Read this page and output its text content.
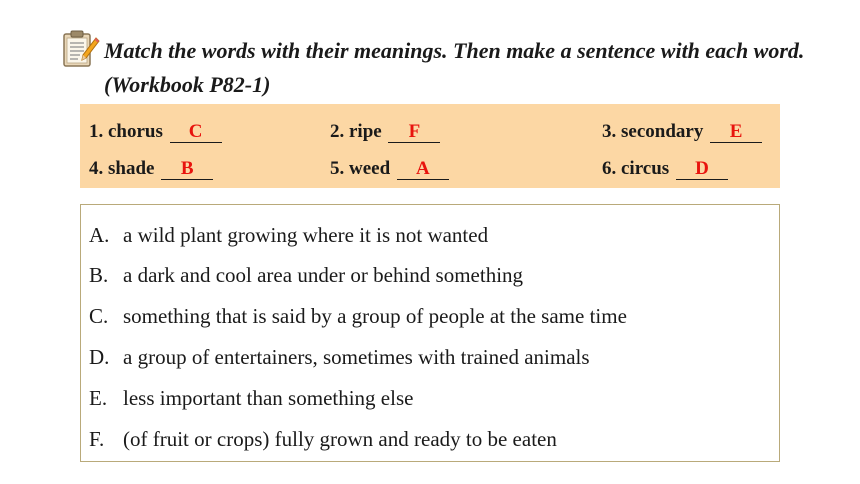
Match the words with their meanings. Then make a sentence with each word. (Workbook P82-1)

1. chorus C	2. ripe F	3. secondary E
4. shade B	5. weed A	6. circus D
A. a wild plant growing where it is not wanted
B. a dark and cool area under or behind something
C. something that is said by a group of people at the same time
D. a group of entertainers, sometimes with trained animals
E. less important than something else
F. (of fruit or crops) fully grown and ready to be eaten
